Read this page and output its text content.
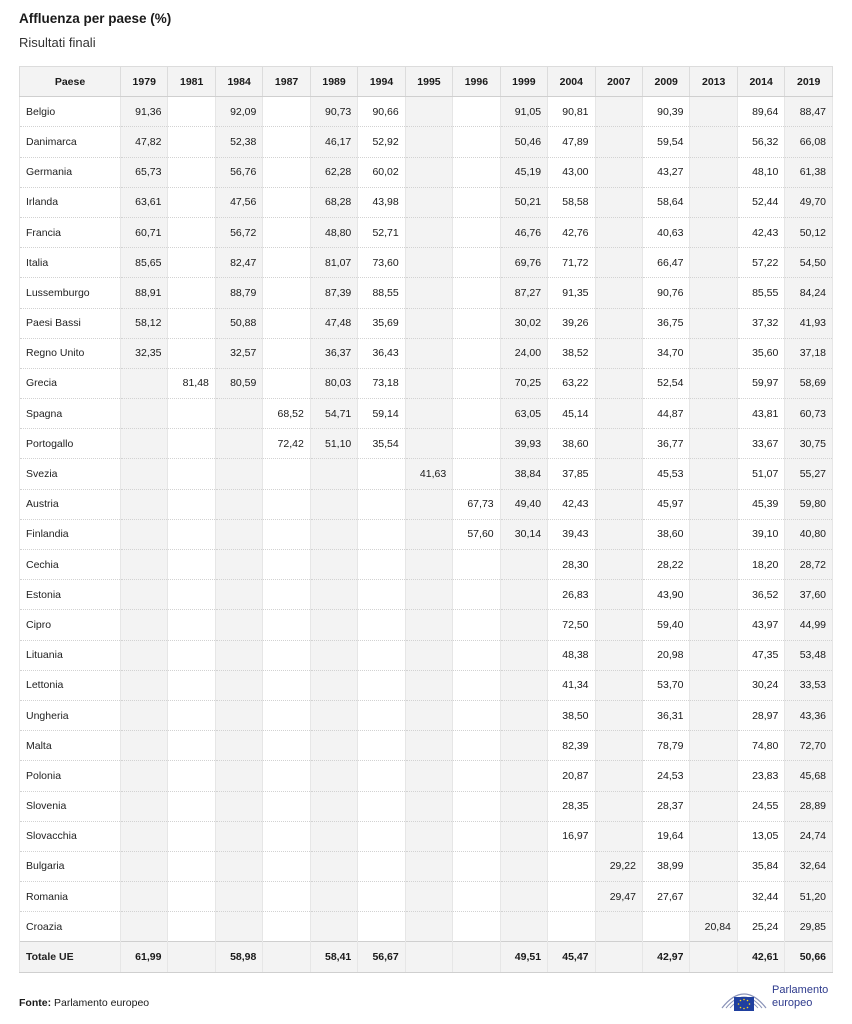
Affluenza per paese (%)
Risultati finali
Paese	1979	1981	1984	1987	1989	1994	1995	1996	1999	2004	2007	2009	2013	2014	2019
Belgio	91,36		92,09		90,73	90,66			91,05	90,81		90,39		89,64	88,47
Danimarca	47,82		52,38		46,17	52,92			50,46	47,89		59,54		56,32	66,08
Germania	65,73		56,76		62,28	60,02			45,19	43,00		43,27		48,10	61,38
Irlanda	63,61		47,56		68,28	43,98			50,21	58,58		58,64		52,44	49,70
Francia	60,71		56,72		48,80	52,71			46,76	42,76		40,63		42,43	50,12
Italia	85,65		82,47		81,07	73,60			69,76	71,72		66,47		57,22	54,50
Lussemburgo	88,91		88,79		87,39	88,55			87,27	91,35		90,76		85,55	84,24
Paesi Bassi	58,12		50,88		47,48	35,69			30,02	39,26		36,75		37,32	41,93
Regno Unito	32,35		32,57		36,37	36,43			24,00	38,52		34,70		35,60	37,18
Grecia		81,48	80,59		80,03	73,18			70,25	63,22		52,54		59,97	58,69
Spagna				68,52	54,71	59,14			63,05	45,14		44,87		43,81	60,73
Portogallo				72,42	51,10	35,54			39,93	38,60		36,77		33,67	30,75
Svezia							41,63		38,84	37,85		45,53		51,07	55,27
Austria								67,73	49,40	42,43		45,97		45,39	59,80
Finlandia								57,60	30,14	39,43		38,60		39,10	40,80
Cechia										28,30		28,22		18,20	28,72
Estonia										26,83		43,90		36,52	37,60
Cipro										72,50		59,40		43,97	44,99
Lituania										48,38		20,98		47,35	53,48
Lettonia										41,34		53,70		30,24	33,53
Ungheria										38,50		36,31		28,97	43,36
Malta										82,39		78,79		74,80	72,70
Polonia										20,87		24,53		23,83	45,68
Slovenia										28,35		28,37		24,55	28,89
Slovacchia										16,97		19,64		13,05	24,74
Bulgaria											29,22	38,99		35,84	32,64
Romania											29,47	27,67		32,44	51,20
Croazia													20,84	25,24	29,85
Totale UE	61,99		58,98		58,41	56,67			49,51	45,47		42,97		42,61	50,66
Fonte: Parlamento europeo
Parlamento
europeo
